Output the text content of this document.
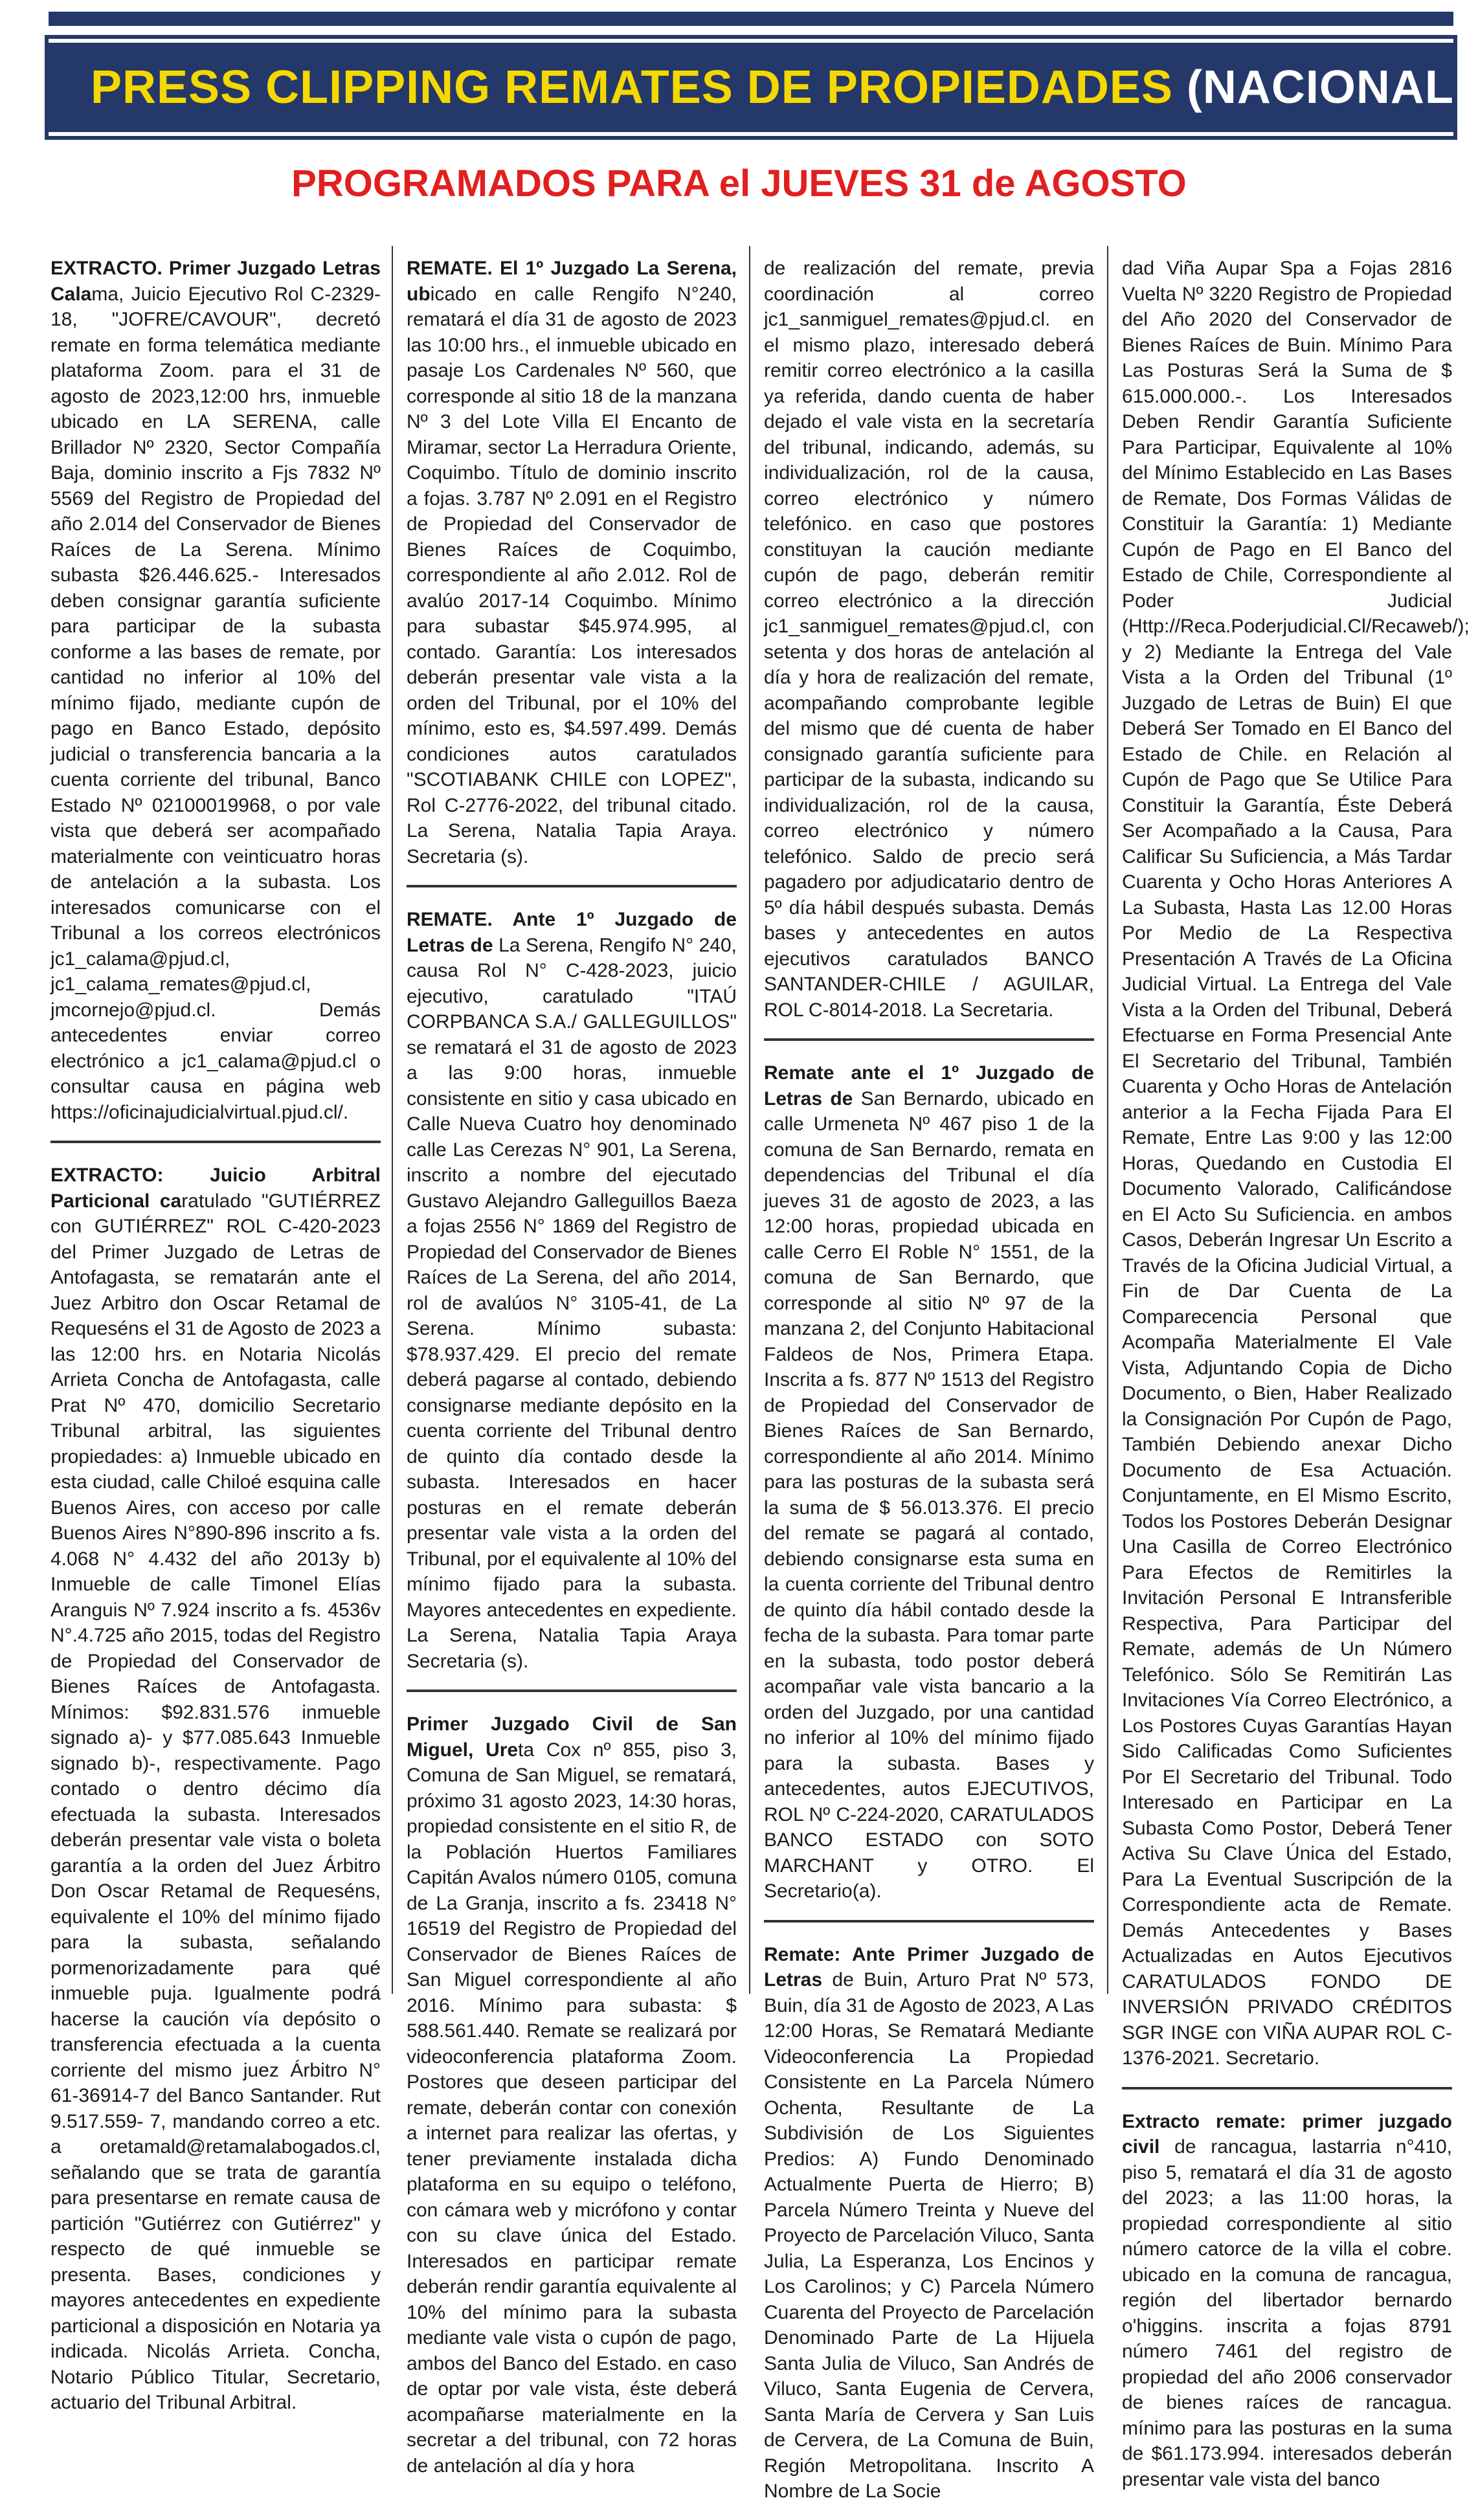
PRESS CLIPPING REMATES DE PROPIEDADES (NACIONAL
PROGRAMADOS PARA el JUEVES 31 de AGOSTO

EXTRACTO. Primer Juzgado Letras Calama, Juicio Ejecutivo Rol C-2329-18, "JOFRE/CAVOUR", decretó remate en forma telemática mediante plataforma Zoom. para el 31 de agosto de 2023,12:00 hrs, inmueble ubicado en LA SERENA, calle Brillador Nº 2320, Sector Compañía Baja, dominio inscrito a Fjs 7832 Nº 5569 del Registro de Propiedad del año 2.014 del Conservador de Bienes Raíces de La Serena. Mínimo subasta $26.446.625.- Interesados deben consignar garantía suficiente para participar de la subasta conforme a las bases de remate, por cantidad no inferior al 10% del mínimo fijado, mediante cupón de pago en Banco Estado, depósito judicial o transferencia bancaria a la cuenta corriente del tribunal, Banco Estado Nº 02100019968, o por vale vista que deberá ser acompañado materialmente con veinticuatro horas de antelación a la subasta. Los interesados comunicarse con el Tribunal a los correos electrónicos jc1_calama@pjud.cl, jc1_calama_remates@pjud.cl, jmcornejo@pjud.cl. Demás antecedentes enviar correo electrónico a jc1_calama@pjud.cl o consultar causa en página web https://oficinajudicialvirtual.pjud.cl/.

EXTRACTO: Juicio Arbitral Particional caratulado "GUTIÉRREZ con GUTIÉRREZ" ROL C-420-2023 del Primer Juzgado de Letras de Antofagasta, se rematarán ante el Juez Arbitro don Oscar Retamal de Requeséns el 31 de Agosto de 2023 a las 12:00 hrs. en Notaria Nicolás Arrieta Concha de Antofagasta, calle Prat Nº 470, domicilio Secretario Tribunal arbitral, las siguientes propiedades: a) Inmueble ubicado en esta ciudad, calle Chiloé esquina calle Buenos Aires, con acceso por calle Buenos Aires N°890-896 inscrito a fs. 4.068 N° 4.432 del año 2013y b) Inmueble de calle Timonel Elías Aranguis Nº 7.924 inscrito a fs. 4536v N°.4.725 año 2015, todas del Registro de Propiedad del Conservador de Bienes Raíces de Antofagasta. Mínimos: $92.831.576 inmueble signado a)- y $77.085.643 Inmueble signado b)-, respectivamente. Pago contado o dentro décimo día efectuada la subasta. Interesados deberán presentar vale vista o boleta garantía a la orden del Juez Árbitro Don Oscar Retamal de Requeséns, equivalente el 10% del mínimo fijado para la subasta, señalando pormenorizadamente para qué inmueble puja. Igualmente podrá hacerse la caución vía depósito o transferencia efectuada a la cuenta corriente del mismo juez Árbitro N° 61-36914-7 del Banco Santander. Rut 9.517.559- 7, mandando correo a etc. a oretamald@retamalabogados.cl, señalando que se trata de garantía para presentarse en remate causa de partición "Gutiérrez con Gutiérrez" y respecto de qué inmueble se presenta. Bases, condiciones y mayores antecedentes en expediente particional a disposición en Notaria ya indicada. Nicolás Arrieta. Concha, Notario Público Titular, Secretario, actuario del Tribunal Arbitral.

REMATE. El 1º Juzgado La Serena, ubicado en calle Rengifo N°240, rematará el día 31 de agosto de 2023 las 10:00 hrs., el inmueble ubicado en pasaje Los Cardenales Nº 560, que corresponde al sitio 18 de la manzana Nº 3 del Lote Villa El Encanto de Miramar, sector La Herradura Oriente, Coquimbo. Título de dominio inscrito a fojas. 3.787 Nº 2.091 en el Registro de Propiedad del Conservador de Bienes Raíces de Coquimbo, correspondiente al año 2.012. Rol de avalúo 2017-14 Coquimbo. Mínimo para subastar $45.974.995, al contado. Garantía: Los interesados deberán presentar vale vista a la orden del Tribunal, por el 10% del mínimo, esto es, $4.597.499. Demás condiciones autos caratulados "SCOTIABANK CHILE con LOPEZ", Rol C-2776-2022, del tribunal citado. La Serena, Natalia Tapia Araya. Secretaria (s).

REMATE. Ante 1º Juzgado de Letras de La Serena, Rengifo N° 240, causa Rol N° C-428-2023, juicio ejecutivo, caratulado "ITAÚ CORPBANCA S.A./ GALLEGUILLOS" se rematará el 31 de agosto de 2023 a las 9:00 horas, inmueble consistente en sitio y casa ubicado en Calle Nueva Cuatro hoy denominado calle Las Cerezas N° 901, La Serena, inscrito a nombre del ejecutado Gustavo Alejandro Galleguillos Baeza a fojas 2556 N° 1869 del Registro de Propiedad del Conservador de Bienes Raíces de La Serena, del año 2014, rol de avalúos N° 3105-41, de La Serena. Mínimo subasta: $78.937.429. El precio del remate deberá pagarse al contado, debiendo consignarse mediante depósito en la cuenta corriente del Tribunal dentro de quinto día contado desde la subasta. Interesados en hacer posturas en el remate deberán presentar vale vista a la orden del Tribunal, por el equivalente al 10% del mínimo fijado para la subasta. Mayores antecedentes en expediente. La Serena, Natalia Tapia Araya Secretaria (s).

Primer Juzgado Civil de San Miguel, Ureta Cox nº 855, piso 3, Comuna de San Miguel, se rematará, próximo 31 agosto 2023, 14:30 horas, propiedad consistente en el sitio R, de la Población Huertos Familiares Capitán Avalos número 0105, comuna de La Granja, inscrito a fs. 23418 N° 16519 del Registro de Propiedad del Conservador de Bienes Raíces de San Miguel correspondiente al año 2016. Mínimo para subasta: $ 588.561.440. Remate se realizará por videoconferencia plataforma Zoom. Postores que deseen participar del remate, deberán contar con conexión a internet para realizar las ofertas, y tener previamente instalada dicha plataforma en su equipo o teléfono, con cámara web y micrófono y contar con su clave única del Estado. Interesados en participar remate deberán rendir garantía equivalente al 10% del mínimo para la subasta mediante vale vista o cupón de pago, ambos del Banco del Estado. en caso de optar por vale vista, éste deberá acompañarse materialmente en la secretar a del tribunal, con 72 horas de antelación al día y hora

de realización del remate, previa coordinación al correo jc1_sanmiguel_remates@pjud.cl. en el mismo plazo, interesado deberá remitir correo electrónico a la casilla ya referida, dando cuenta de haber dejado el vale vista en la secretaría del tribunal, indicando, además, su individualización, rol de la causa, correo electrónico y número telefónico. en caso que postores constituyan la caución mediante cupón de pago, deberán remitir correo electrónico a la dirección jc1_sanmiguel_remates@pjud.cl, con setenta y dos horas de antelación al día y hora de realización del remate, acompañando comprobante legible del mismo que dé cuenta de haber consignado garantía suficiente para participar de la subasta, indicando su individualización, rol de la causa, correo electrónico y número telefónico. Saldo de precio será pagadero por adjudicatario dentro de 5º día hábil después subasta. Demás bases y antecedentes en autos ejecutivos caratulados BANCO SANTANDER-CHILE / AGUILAR, ROL C-8014-2018. La Secretaria.

Remate ante el 1º Juzgado de Letras de San Bernardo, ubicado en calle Urmeneta Nº 467 piso 1 de la comuna de San Bernardo, remata en dependencias del Tribunal el día jueves 31 de agosto de 2023, a las 12:00 horas, propiedad ubicada en calle Cerro El Roble N° 1551, de la comuna de San Bernardo, que corresponde al sitio Nº 97 de la manzana 2, del Conjunto Habitacional Faldeos de Nos, Primera Etapa. Inscrita a fs. 877 Nº 1513 del Registro de Propiedad del Conservador de Bienes Raíces de San Bernardo, correspondiente al año 2014. Mínimo para las posturas de la subasta será la suma de $ 56.013.376. El precio del remate se pagará al contado, debiendo consignarse esta suma en la cuenta corriente del Tribunal dentro de quinto día hábil contado desde la fecha de la subasta. Para tomar parte en la subasta, todo postor deberá acompañar vale vista bancario a la orden del Juzgado, por una cantidad no inferior al 10% del mínimo fijado para la subasta. Bases y antecedentes, autos EJECUTIVOS, ROL Nº C-224-2020, CARATULADOS BANCO ESTADO con SOTO MARCHANT y OTRO. El Secretario(a).

Remate: Ante Primer Juzgado de Letras de Buin, Arturo Prat Nº 573, Buin, día 31 de Agosto de 2023, A Las 12:00 Horas, Se Rematará Mediante Videoconferencia La Propiedad Consistente en La Parcela Número Ochenta, Resultante de La Subdivisión de Los Siguientes Predios: A) Fundo Denominado Actualmente Puerta de Hierro; B) Parcela Número Treinta y Nueve del Proyecto de Parcelación Viluco, Santa Julia, La Esperanza, Los Encinos y Los Carolinos; y C) Parcela Número Cuarenta del Proyecto de Parcelación Denominado Parte de La Hijuela Santa Julia de Viluco, San Andrés de Viluco, Santa Eugenia de Cervera, Santa María de Cervera y San Luis de Cervera, de La Comuna de Buin, Región Metropolitana. Inscrito A Nombre de La Socie

dad Viña Aupar Spa a Fojas 2816 Vuelta Nº 3220 Registro de Propiedad del Año 2020 del Conservador de Bienes Raíces de Buin. Mínimo Para Las Posturas Será la Suma de $ 615.000.000.-. Los Interesados Deben Rendir Garantía Suficiente Para Participar, Equivalente al 10% del Mínimo Establecido en Las Bases de Remate, Dos Formas Válidas de Constituir la Garantía: 1) Mediante Cupón de Pago en El Banco del Estado de Chile, Correspondiente al Poder Judicial (Http://Reca.Poderjudicial.Cl/Recaweb/); y 2) Mediante la Entrega del Vale Vista a la Orden del Tribunal (1º Juzgado de Letras de Buin) El que Deberá Ser Tomado en El Banco del Estado de Chile. en Relación al Cupón de Pago que Se Utilice Para Constituir la Garantía, Éste Deberá Ser Acompañado a la Causa, Para Calificar Su Suficiencia, a Más Tardar Cuarenta y Ocho Horas Anteriores A La Subasta, Hasta Las 12.00 Horas Por Medio de La Respectiva Presentación A Través de La Oficina Judicial Virtual. La Entrega del Vale Vista a la Orden del Tribunal, Deberá Efectuarse en Forma Presencial Ante El Secretario del Tribunal, También Cuarenta y Ocho Horas de Antelación anterior a la Fecha Fijada Para El Remate, Entre Las 9:00 y las 12:00 Horas, Quedando en Custodia El Documento Valorado, Calificándose en El Acto Su Suficiencia. en ambos Casos, Deberán Ingresar Un Escrito a Través de la Oficina Judicial Virtual, a Fin de Dar Cuenta de La Comparecencia Personal que Acompaña Materialmente El Vale Vista, Adjuntando Copia de Dicho Documento, o Bien, Haber Realizado la Consignación Por Cupón de Pago, También Debiendo anexar Dicho Documento de Esa Actuación. Conjuntamente, en El Mismo Escrito, Todos los Postores Deberán Designar Una Casilla de Correo Electrónico Para Efectos de Remitirles la Invitación Personal E Intransferible Respectiva, Para Participar del Remate, además de Un Número Telefónico. Sólo Se Remitirán Las Invitaciones Vía Correo Electrónico, a Los Postores Cuyas Garantías Hayan Sido Calificadas Como Suficientes Por El Secretario del Tribunal. Todo Interesado en Participar en La Subasta Como Postor, Deberá Tener Activa Su Clave Única del Estado, Para La Eventual Suscripción de la Correspondiente acta de Remate. Demás Antecedentes y Bases Actualizadas en Autos Ejecutivos CARATULADOS FONDO DE INVERSIÓN PRIVADO CRÉDITOS SGR INGE con VIÑA AUPAR ROL C-1376-2021. Secretario.

Extracto remate: primer juzgado civil de rancagua, lastarria n°410, piso 5, rematará el día 31 de agosto del 2023; a las 11:00 horas, la propiedad correspondiente al sitio número catorce de la villa el cobre. ubicado en la comuna de rancagua, región del libertador bernardo o'higgins. inscrita a fojas 8791 número 7461 del registro de propiedad del año 2006 conservador de bienes raíces de rancagua. mínimo para las posturas en la suma de $61.173.994. interesados deberán presentar vale vista del banco
